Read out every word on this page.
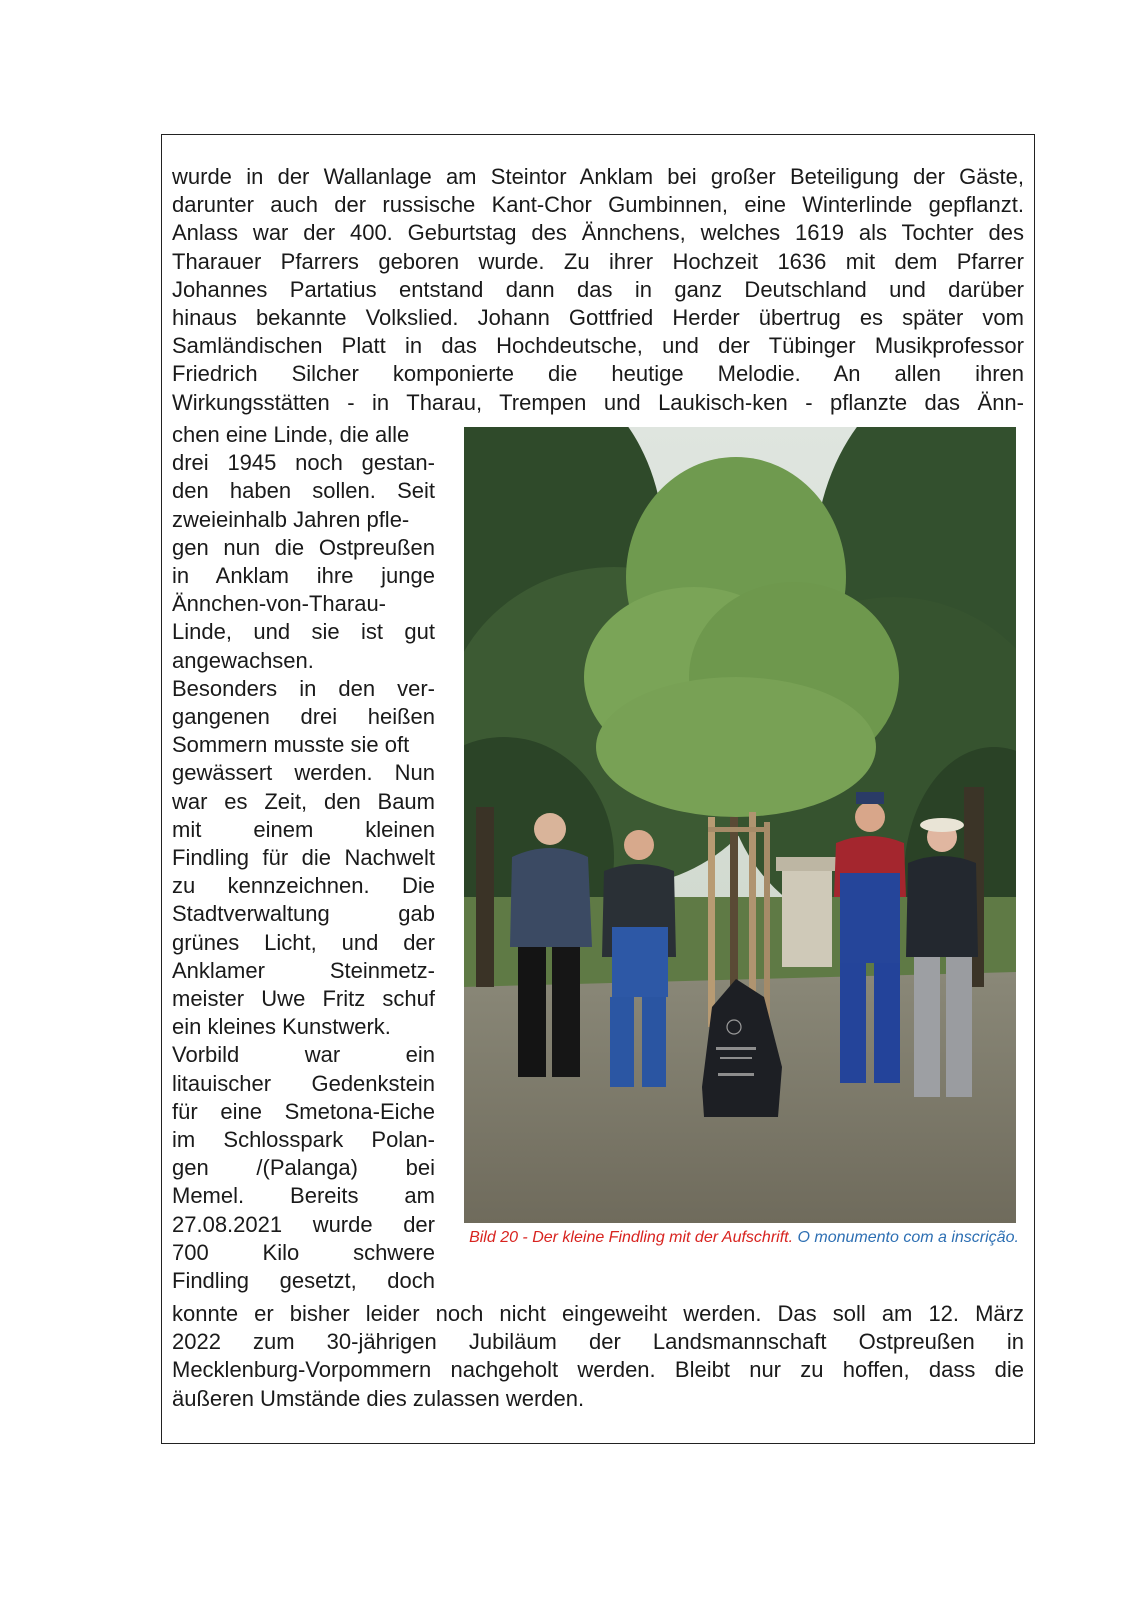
wurde in der Wallanlage am Steintor Anklam bei großer Beteiligung der Gäste,
darunter auch der russische Kant-Chor Gumbinnen, eine Winterlinde gepflanzt.
Anlass war der 400. Geburtstag des Ännchens, welches 1619 als Tochter des
Tharauer Pfarrers geboren wurde. Zu ihrer Hochzeit 1636 mit dem Pfarrer
Johannes Partatius entstand dann das in ganz Deutschland und darüber
hinaus bekannte Volkslied. Johann Gottfried Herder übertrug es später vom
Samländischen Platt in das Hochdeutsche, und der Tübinger Musikprofessor
Friedrich Silcher komponierte die heutige Melodie. An allen ihren
Wirkungsstätten - in Tharau, Trempen und Laukisch-ken - pflanzte das Änn-
chen eine Linde, die alle
drei 1945 noch gestan-
den haben sollen. Seit
zweieinhalb Jahren pfle-
gen nun die Ostpreußen
in Anklam ihre junge
Ännchen-von-Tharau-
Linde, und sie ist gut
angewachsen.
Besonders in den ver-
gangenen drei heißen
Sommern musste sie oft
gewässert werden. Nun
war es Zeit, den Baum
mit einem kleinen
Findling für die Nachwelt
zu kennzeichnen. Die
Stadtverwaltung gab
grünes Licht, und der
Anklamer Steinmetz-
meister Uwe Fritz schuf
ein kleines Kunstwerk.
Vorbild war ein
litauischer Gedenkstein
für eine Smetona-Eiche
im Schlosspark Polan-
gen /(Palanga) bei
Memel. Bereits am
27.08.2021 wurde der
700 Kilo schwere
Findling gesetzt, doch
Bild 20 - Der kleine Findling mit der Aufschrift. O monumento com a inscrição.
konnte er bisher leider noch nicht eingeweiht werden. Das soll am 12. März
2022 zum 30-jährigen Jubiläum der Landsmannschaft Ostpreußen in
Mecklenburg-Vorpommern nachgeholt werden. Bleibt nur zu hoffen, dass die
äußeren Umstände dies zulassen werden.
